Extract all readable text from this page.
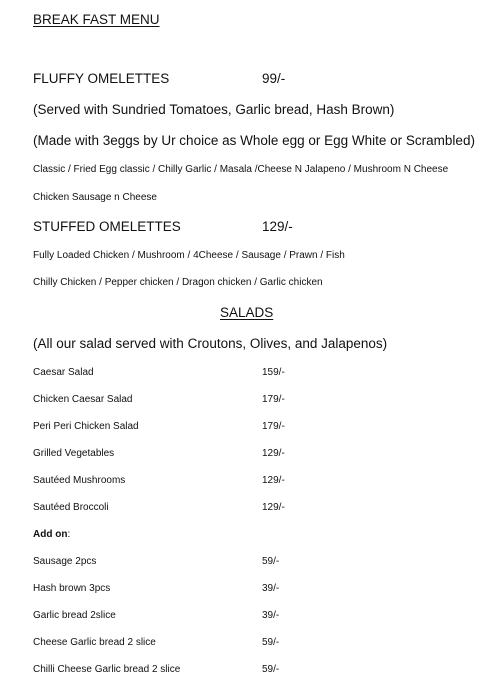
BREAK FAST MENU
FLUFFY OMELETTES	99/-
(Served with Sundried Tomatoes, Garlic bread, Hash Brown)
(Made with 3eggs by Ur choice as Whole egg or Egg White or Scrambled)
Classic / Fried Egg classic / Chilly Garlic / Masala /Cheese N Jalapeno / Mushroom N Cheese
Chicken Sausage n Cheese
STUFFED OMELETTES	129/-
Fully Loaded Chicken / Mushroom / 4Cheese / Sausage / Prawn / Fish
Chilly Chicken / Pepper chicken / Dragon chicken / Garlic chicken
SALADS
(All our salad served with Croutons, Olives, and Jalapenos)
Caesar Salad	159/-
Chicken Caesar Salad	179/-
Peri Peri Chicken Salad	179/-
Grilled Vegetables	129/-
Sautéed Mushrooms	129/-
Sautéed Broccoli	129/-
Add on:
Sausage 2pcs	59/-
Hash brown 3pcs	39/-
Garlic bread 2slice	39/-
Cheese Garlic bread 2 slice	59/-
Chilli Cheese Garlic bread 2 slice	59/-
